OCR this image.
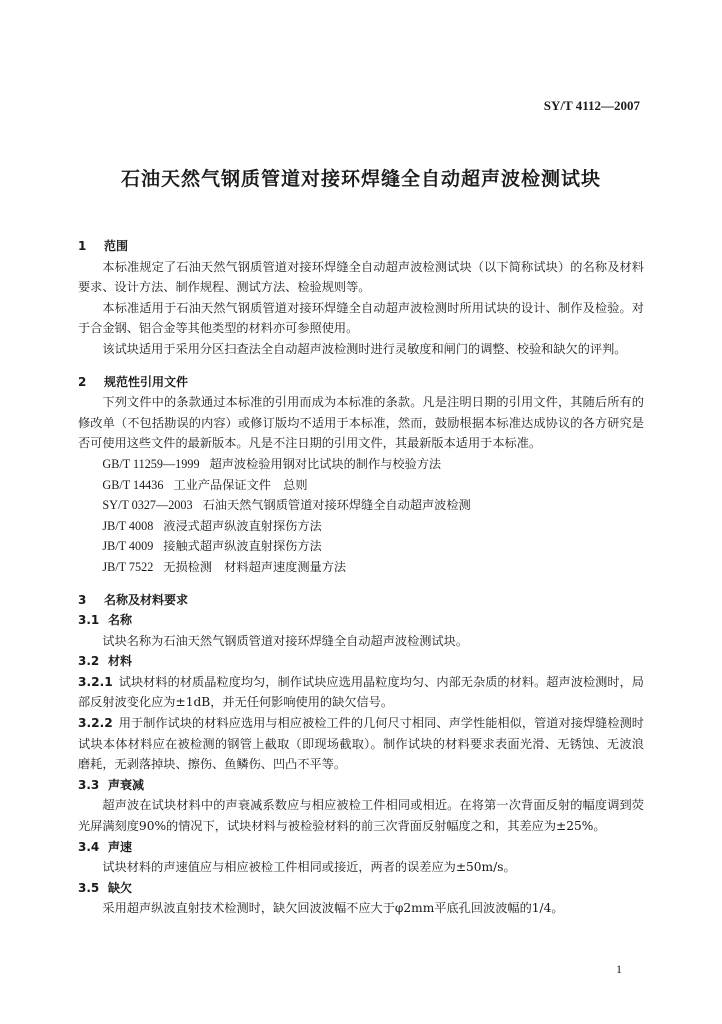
SY/T 4112—2007
石油天然气钢质管道对接环焊缝全自动超声波检测试块
1 范围

本标准规定了石油天然气钢质管道对接环焊缝全自动超声波检测试块（以下简称试块）的名称及材料要求、设计方法、制作规程、测试方法、检验规则等。

本标准适用于石油天然气钢质管道对接环焊缝全自动超声波检测时所用试块的设计、制作及检验。对于合金钢、铝合金等其他类型的材料亦可参照使用。

该试块适用于采用分区扫查法全自动超声波检测时进行灵敏度和闸门的调整、校验和缺欠的评判。

2 规范性引用文件

下列文件中的条款通过本标准的引用而成为本标准的条款。凡是注明日期的引用文件，其随后所有的修改单（不包括勘误的内容）或修订版均不适用于本标准，然而，鼓励根据本标准达成协议的各方研究是否可使用这些文件的最新版本。凡是不注日期的引用文件，其最新版本适用于本标准。

GB/T 11259—1999 超声波检验用钢对比试块的制作与校验方法
GB/T 14436 工业产品保证文件　总则
SY/T 0327—2003 石油天然气钢质管道对接环焊缝全自动超声波检测
JB/T 4008 液浸式超声纵波直射探伤方法
JB/T 4009 接触式超声纵波直射探伤方法
JB/T 7522 无损检测　材料超声速度测量方法
3 名称及材料要求
3.1 名称

试块名称为石油天然气钢质管道对接环焊缝全自动超声波检测试块。

3.2 材料

3.2.1 试块材料的材质晶粒度均匀，制作试块应选用晶粒度均匀、内部无杂质的材料。超声波检测时，局部反射波变化应为±1dB，并无任何影响使用的缺欠信号。

3.2.2 用于制作试块的材料应选用与相应被检工件的几何尺寸相同、声学性能相似，管道对接焊缝检测时试块本体材料应在被检测的钢管上截取（即现场截取）。制作试块的材料要求表面光滑、无锈蚀、无波浪磨耗，无剥落掉块、擦伤、鱼鳞伤、凹凸不平等。

3.3 声衰减

超声波在试块材料中的声衰减系数应与相应被检工件相同或相近。在将第一次背面反射的幅度调到荧光屏满刻度90%的情况下，试块材料与被检验材料的前三次背面反射幅度之和，其差应为±25%。

3.4 声速

试块材料的声速值应与相应被检工件相同或接近，两者的误差应为±50m/s。

3.5 缺欠

采用超声纵波直射技术检测时，缺欠回波波幅不应大于φ2mm平底孔回波波幅的1/4。

1
